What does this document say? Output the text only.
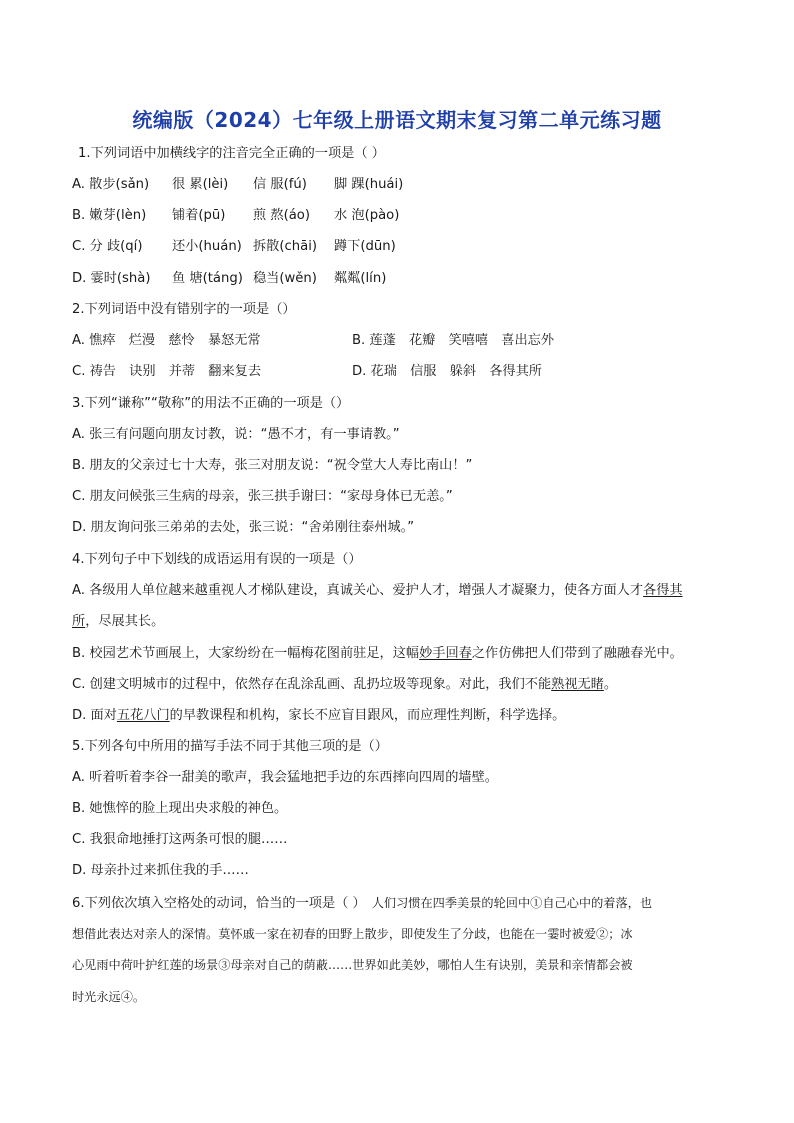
统编版（2024）七年级上册语文期末复习第二单元练习题
1.下列词语中加横线字的注音完全正确的一项是（ ）
A. 散步(sǎn) 很 累(lèi) 信 服(fú) 脚 踝(huái)
B. 嫩芽(lèn) 铺着(pū) 煎 熬(áo) 水 泡(pào)
C. 分 歧(qí) 还小(huán) 拆散(chāi) 蹲下(dūn)
D. 霎时(shà) 鱼 塘(táng) 稳当(wěn) 粼粼(lín)
2.下列词语中没有错别字的一项是（）
A. 憔瘁　烂漫　慈怜　暴怒无常	B. 莲蓬　花瓣　笑嘻嘻　喜出忘外
C. 祷告　诀别　并蒂　翻来复去	D. 花瑞　信服　躲斜　各得其所
3.下列“谦称”“敬称”的用法不正确的一项是（）
A. 张三有问题向朋友讨教，说：“愚不才，有一事请教。”
B. 朋友的父亲过七十大寿，张三对朋友说：“祝令堂大人寿比南山！”
C. 朋友问候张三生病的母亲，张三拱手谢曰：“家母身体已无恙。”
D. 朋友询问张三弟弟的去处，张三说：“舍弟刚往泰州城。”
4.下列句子中下划线的成语运用有误的一项是（）
A. 各级用人单位越来越重视人才梯队建设，真诚关心、爱护人才，增强人才凝聚力，使各方面人才各得其
所，尽展其长。
B. 校园艺术节画展上，大家纷纷在一幅梅花图前驻足，这幅妙手回春之作仿佛把人们带到了融融春光中。
C. 创建文明城市的过程中，依然存在乱涂乱画、乱扔垃圾等现象。对此，我们不能熟视无睹。
D. 面对五花八门的早教课程和机构，家长不应盲目跟风，而应理性判断，科学选择。
5.下列各句中所用的描写手法不同于其他三项的是（）
A. 听着听着李谷一甜美的歌声，我会猛地把手边的东西摔向四周的墙壁。
B. 她憔悴的脸上现出央求般的神色。
C. 我狠命地捶打这两条可恨的腿……
D. 母亲扑过来抓住我的手……
6.下列依次填入空格处的动词，恰当的一项是（ ） 人们习惯在四季美景的轮回中①自己心中的着落，也
想借此表达对亲人的深情。莫怀戚一家在初春的田野上散步，即使发生了分歧，也能在一霎时被爱②；冰
心见雨中荷叶护红莲的场景③母亲对自己的荫蔽……世界如此美妙，哪怕人生有诀别，美景和亲情都会被
时光永远④。
